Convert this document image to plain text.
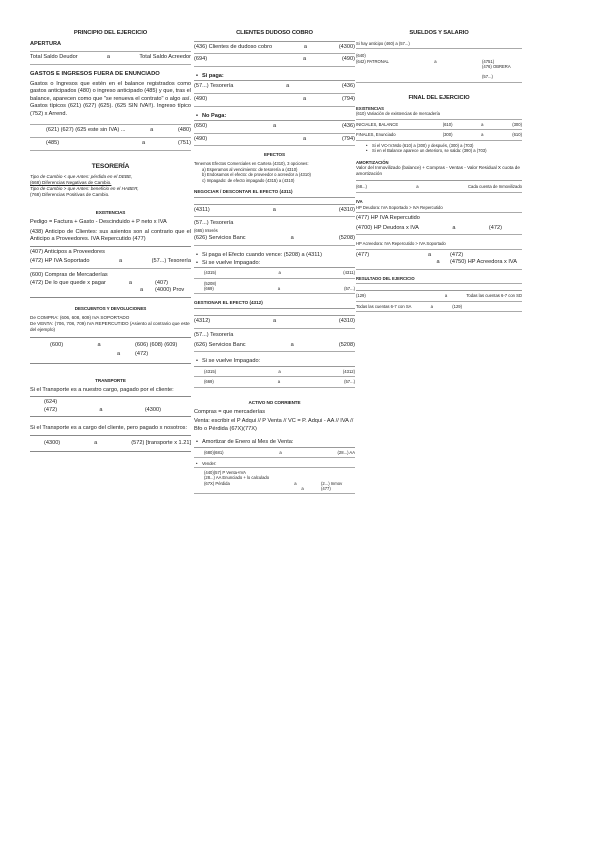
PRINCIPIO DEL EJERCICIO
APERTURA
Total Saldo Deudor	a	Total Saldo Acreedor
GASTOS E INGRESOS FUERA DE ENUNCIADO
Gastos o Ingresos que estén en el balance registrados como gastos anticipados (480) o ingreso anticipado (485) y que, tras el balance, aparecen como que "se renueva el contrato" o algo así. Gastos típicos (621) (627) (625). (625 SIN IVA!!). Ingreso típico (752) x Arrend.
(621) (627) (625 este sin IVA) ...	a	(480)
(485)	a	(751)
TESORERÍA
Tipo de Cambio < que Antes: pérdida en el DEBE,
(668) Diferencias Negativas de Cambio.
Tipo de Cambio > que Antes: beneficio en el HABER,
(768) Diferencias Positivas de Cambio.
EXISTENCIAS
Pedigo = Factura + Gasto - Descinduido + P neto x IVA
(438) Anticipo de Clientes: sus asientos son al contrario que el Anticipo a Proveedores. IVA Repercutido (477)
(407) Anticipos a Proveedores
(472) HP IVA Soportado	a	(57...) Tesorería
(600) Compras de Mercaderías
(472) De lo que quede x pagar	a	(407)
a (4000) Prov
DESCUENTOS Y DEVOLUCIONES
De COMPRA: (606, 608, 609) IVA SOPORTADO
De VENTA: (706, 708, 709) IVA REPERCUTIDO (Asiento al contrario que este del ejemplo)
(600)	a	(606) (608) (609)
a	(472)
TRANSPORTE
Si el Transporte es a nuestro cargo, pagado por el cliente:
(624)
(472)	a	(4300)
Si el Transporte es a cargo del cliente, pero pagado x nosotros:
(4300)	a	(572) [transporte x 1.21]
CLIENTES DUDOSO COBRO
(436) Clientes de dudoso cobro	a	(4300)
(694)	a	(490)
• Si paga:
(57...) Tesorería	a	(436)
(490)	a	(794)
• No Paga:
(650)	a	(436)
(490)	a	(794)
EFECTOS
Tenemos Efectos Comerciales en Cartera (4310), 3 opciones:
a) Esperamos al vencimiento: de tesorería a (4310)
b) Endosamos el efecto: de proveedor o acreedor a (4310)
c) Impagado: de efecto impagado (4315) a (4310)
NEGOCIAR / DESCONTAR EL EFECTO (4311)
(4311)	a	(4310)
(57...) Tesorería
(665) Interés
(626) Servicios Banc	a	(5208)
• Si paga el Efecto cuando vence: (5208) a (4311)
• Si se vuelve Impagado:
(4315)	a	(4311)
(5208)
(669)	a	(57...)
GESTIONAR EL EFECTO (4312)
(4312)	a	(4310)
(57...) Tesorería
(626) Servicios Banc	a	(5208)
• Si se vuelve Impagado:
(4315)	a	(4312)
(669)	a	(57...)
ACTIVO NO CORRIENTE
Compras = que mercaderías
Venta: escribir el P Adqui // P Venta // VC = P. Adqui - AA // IVA // Bfo o Pérdida (67X)(77X)
• Amortizar de Enero al Mes de Venta:
(680)(681)	a	(28...) AA
• Vender:
(440)(57) P Venta+IVA
(28...) AA Enunciado + lo calculado
(67X) Pérdida	a	(2...) Inmov
a	(477)
SUELDOS Y SALARIO
Si hay anticipo (460) a (57...)
(640)
(642) PATRONAL	a	(4751)
(476) OBRERA
(57...)
FINAL DEL EJERCICIO
EXISTENCIAS
(610) Variación de existencias de mercadería
INICIALES, BALANCE	(610)	a	(300)
FINALES, Enunciado	(300)	a	(610)
• Si el VC<V.Mdo (610) a (300) y después, (300) a (703)
• Si en el Balance aparece un deterioro, se salda: (390) a (703)
AMORTIZACIÓN
Valor del Inmovilizado (balance) + Compras - Ventas - Valor Residual X cuota de amortización
(68...)	a	Cada cuenta de Inmovilizado
IVA
HP Deudora: IVA Soportado > IVA Repercutido
(477) HP IVA Repercutido
(4700) HP Deudora x IVA	a	(472)
HP Acreedora: IVA Repercutido > IVA Soportado
(477)	a	(472)
a (4750) HP Acreedora x IVA
RESULTADO DEL EJERCICIO
(129)	a	Todas las cuentas 6-7 con SD
Todas las cuentas 6-7 con SA	a	(129)
